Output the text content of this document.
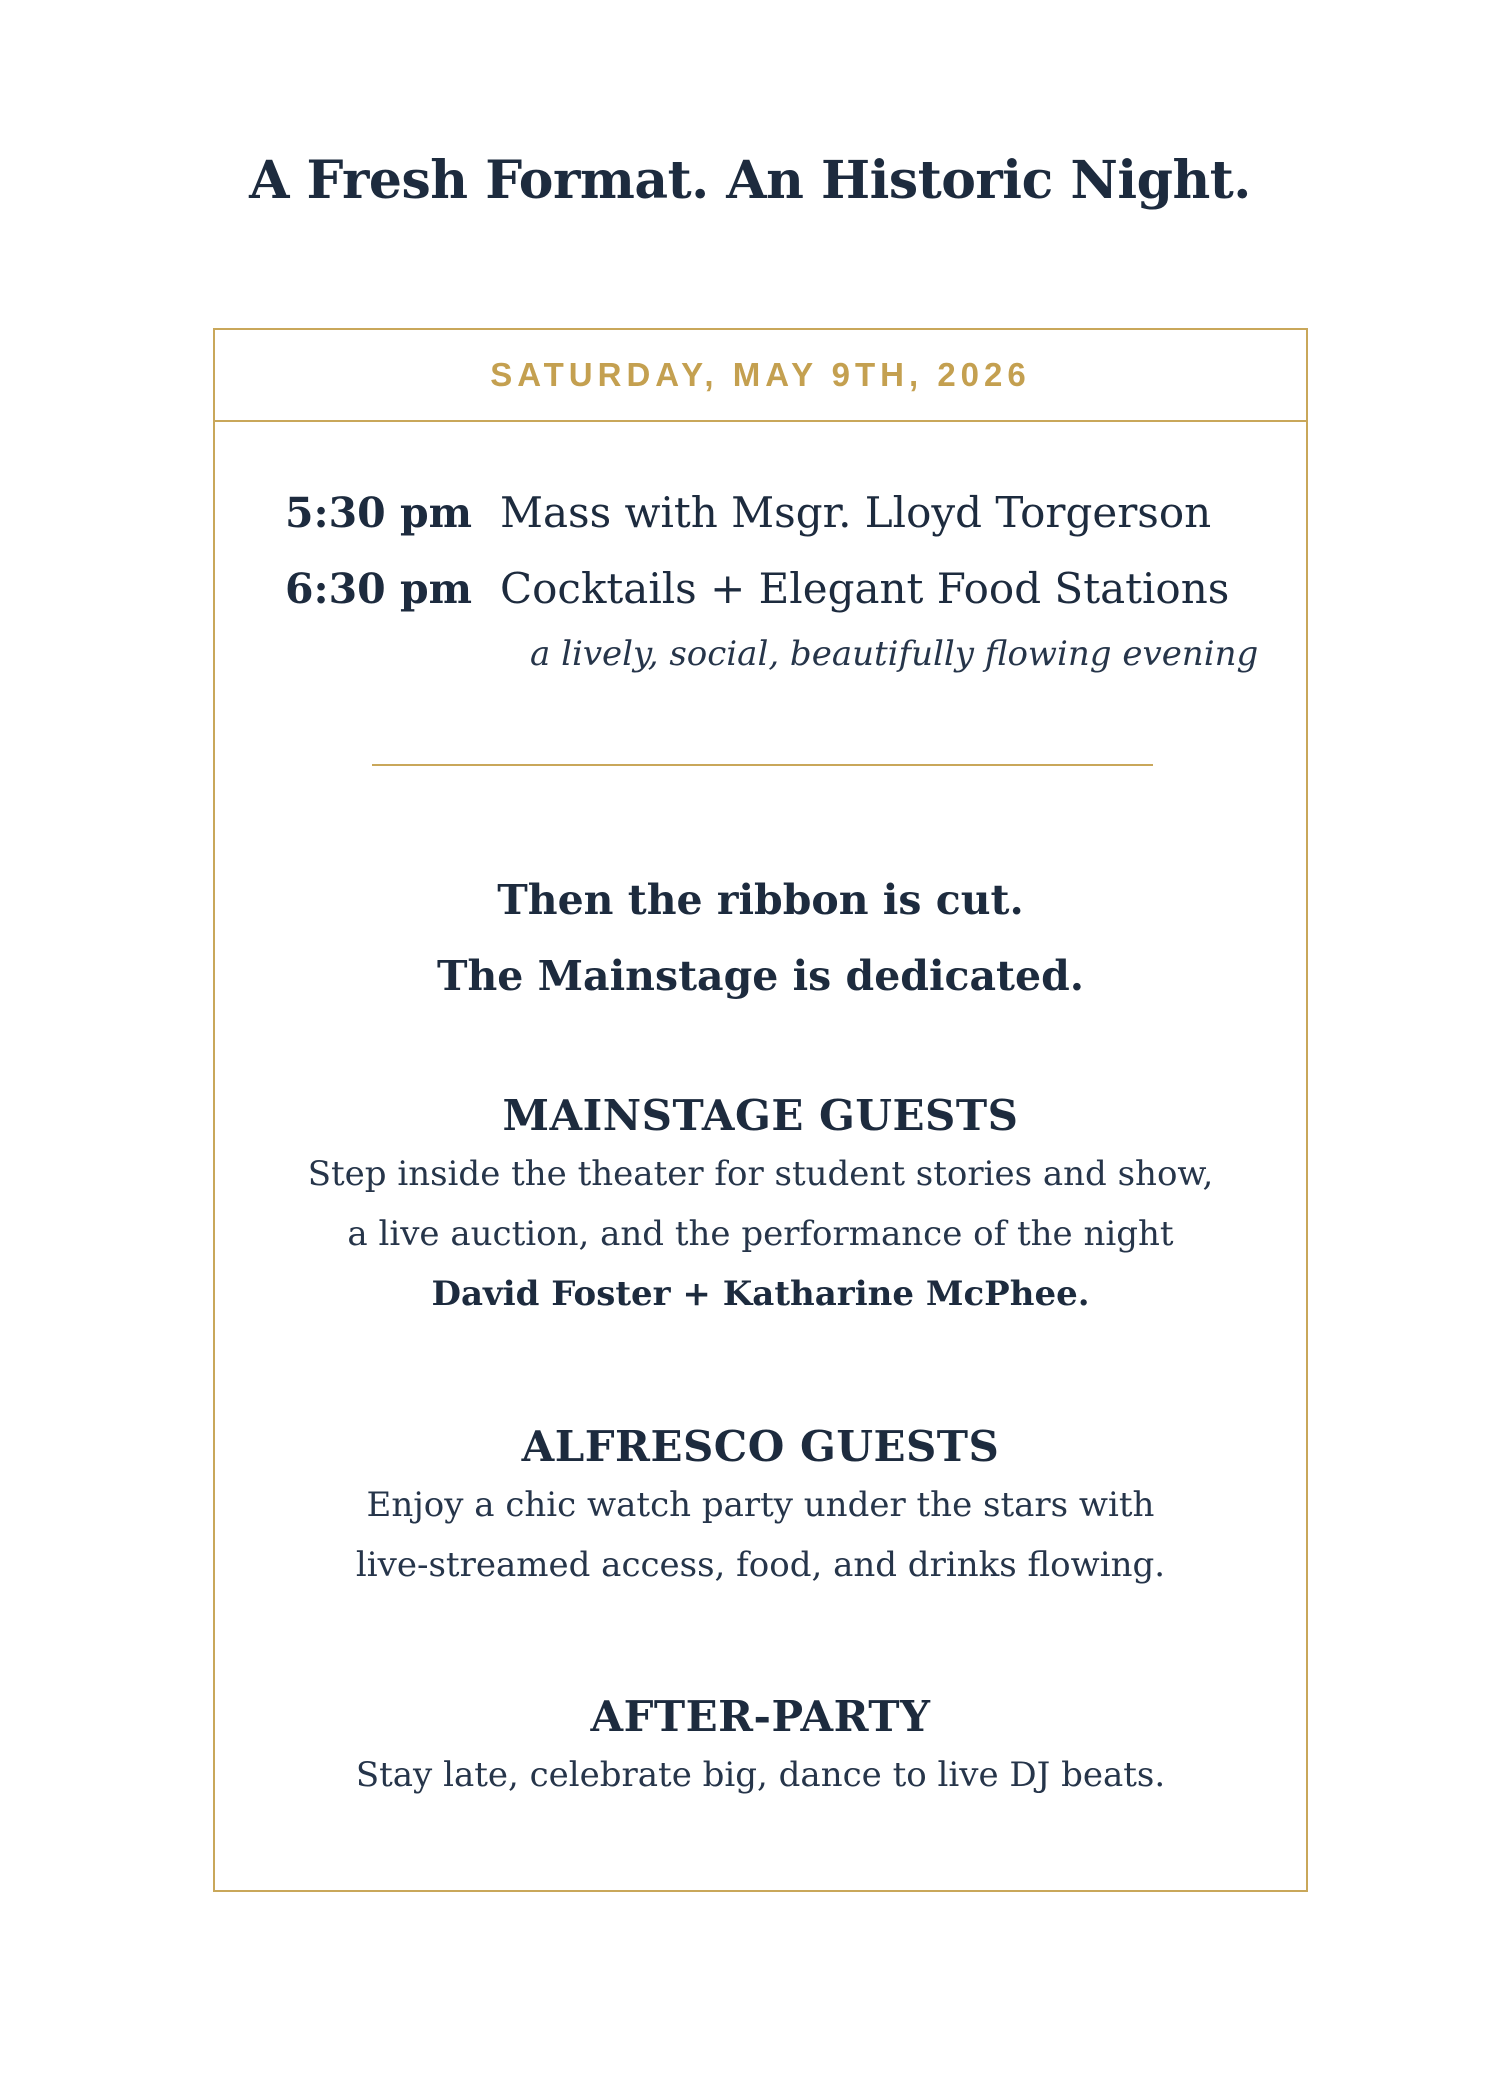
A Fresh Format. An Historic Night.
SATURDAY, MAY 9TH, 2026
5:30 pm Mass with Msgr. Lloyd Torgerson
6:30 pm Cocktails + Elegant Food Stations
a lively, social, beautifully flowing evening
Then the ribbon is cut.
The Mainstage is dedicated.
MAINSTAGE GUESTS
Step inside the theater for student stories and show,
a live auction, and the performance of the night
David Foster + Katharine McPhee.
ALFRESCO GUESTS
Enjoy a chic watch party under the stars with
live-streamed access, food, and drinks flowing.
AFTER-PARTY
Stay late, celebrate big, dance to live DJ beats.
